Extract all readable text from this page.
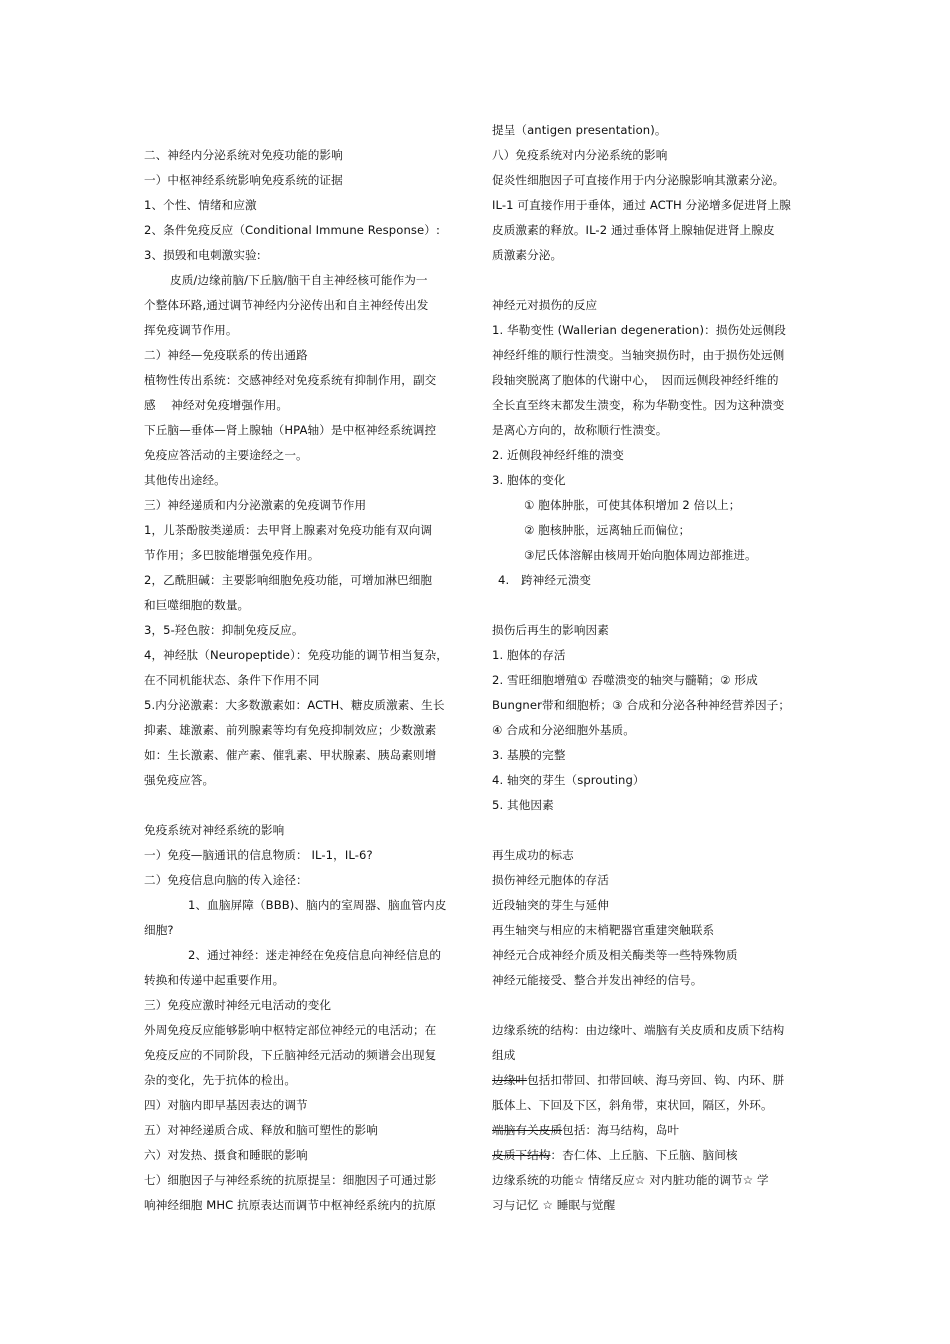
二、神经内分泌系统对免疫功能的影响
一）中枢神经系统影响免疫系统的证据
1、个性、情绪和应激
2、条件免疫反应（Conditional Immune Response）:
3、损毁和电刺激实验:
皮质/边缘前脑/下丘脑/脑干自主神经核可能作为一
个整体环路,通过调节神经内分泌传出和自主神经传出发
挥免疫调节作用。
二）神经—免疫联系的传出通路
植物性传出系统：交感神经对免疫系统有抑制作用，副交
感　 神经对免疫增强作用。
下丘脑—垂体—肾上腺轴（HPA轴）是中枢神经系统调控
免疫应答活动的主要途经之一。
其他传出途经。
三）神经递质和内分泌激素的免疫调节作用
1，儿茶酚胺类递质：去甲肾上腺素对免疫功能有双向调
节作用；多巴胺能增强免疫作用。
2，乙酰胆碱：主要影响细胞免疫功能，可增加淋巴细胞
和巨噬细胞的数量。
3，5-羟色胺：抑制免疫反应。
4，神经肽（Neuropeptide）：免疫功能的调节相当复杂，
在不同机能状态、条件下作用不同
5.内分泌激素：大多数激素如：ACTH、糖皮质激素、生长
抑素、雄激素、前列腺素等均有免疫抑制效应；少数激素
如：生长激素、催产素、催乳素、甲状腺素、胰岛素则增
强免疫应答。
免疫系统对神经系统的影响
一）免疫—脑通讯的信息物质： IL-1，IL-6?
二）免疫信息向脑的传入途径：
1、血脑屏障（BBB)、脑内的室周器、脑血管内皮
细胞?
2、通过神经：迷走神经在免疫信息向神经信息的
转换和传递中起重要作用。
三）免疫应激时神经元电活动的变化
外周免疫反应能够影响中枢特定部位神经元的电活动；在
免疫反应的不同阶段，下丘脑神经元活动的频谱会出现复
杂的变化，先于抗体的检出。
四）对脑内即早基因表达的调节
五）对神经递质合成、释放和脑可塑性的影响
六）对发热、摄食和睡眠的影响
七）细胞因子与神经系统的抗原提呈：细胞因子可通过影
响神经细胞 MHC 抗原表达而调节中枢神经系统内的抗原
提呈（antigen presentation)。
八）免疫系统对内分泌系统的影响
促炎性细胞因子可直接作用于内分泌腺影响其激素分泌。
IL-1 可直接作用于垂体，通过 ACTH 分泌增多促进肾上腺
皮质激素的释放。IL-2 通过垂体肾上腺轴促进肾上腺皮
质激素分泌。
神经元对损伤的反应
1. 华勒变性 (Wallerian degeneration)：损伤处远侧段
神经纤维的顺行性溃变。当轴突损伤时，由于损伤处远侧
段轴突脱离了胞体的代谢中心，　因而远侧段神经纤维的
全长直至终末都发生溃变，称为华勒变性。因为这种溃变
是离心方向的，故称顺行性溃变。
2. 近侧段神经纤维的溃变
3. 胞体的变化
① 胞体肿胀，可使其体积增加 2 倍以上；
② 胞核肿胀，远离轴丘而偏位；
③尼氏体溶解由核周开始向胞体周边部推进。
4.　跨神经元溃变
损伤后再生的影响因素
1. 胞体的存活
2. 雪旺细胞增殖① 吞噬溃变的轴突与髓鞘；② 形成
Bungner带和细胞桥；③ 合成和分泌各种神经营养因子；
④ 合成和分泌细胞外基质。
3. 基膜的完整
4. 轴突的芽生（sprouting）
5. 其他因素
再生成功的标志
损伤神经元胞体的存活
近段轴突的芽生与延伸
再生轴突与相应的末梢靶器官重建突触联系
神经元合成神经介质及相关酶类等一些特殊物质
神经元能接受、整合并发出神经的信号。
边缘系统的结构：由边缘叶、端脑有关皮质和皮质下结构
组成
边缘叶包括扣带回、扣带回峡、海马旁回、钩、内环、胼
胝体上、下回及下区，斜角带，束状回，隔区，外环。
端脑有关皮质包括：海马结构，岛叶
皮质下结构：杏仁体、上丘脑、下丘脑、脑间核
边缘系统的功能☆ 情绪反应☆ 对内脏功能的调节☆ 学
习与记忆 ☆ 睡眠与觉醒
